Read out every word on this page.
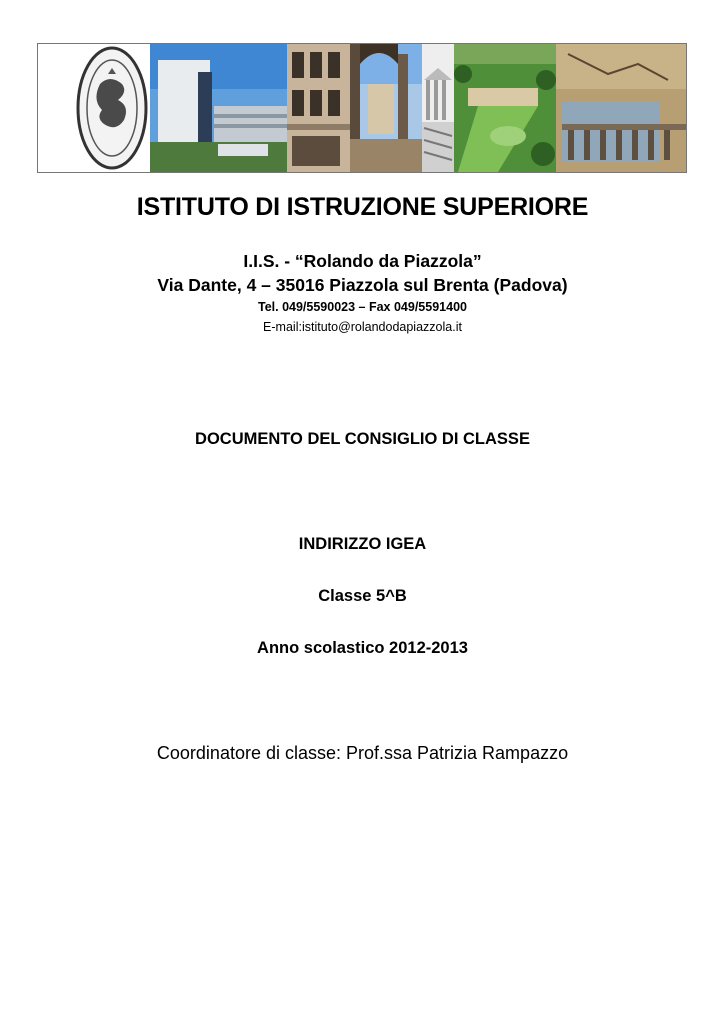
ISTITUTO DI ISTRUZIONE SUPERIORE
I.I.S. - “Rolando da Piazzola”
Via Dante, 4 – 35016 Piazzola sul Brenta (Padova)
Tel. 049/5590023 – Fax 049/5591400
E-mail:istituto@rolandodapiazzola.it
DOCUMENTO DEL CONSIGLIO DI CLASSE
INDIRIZZO IGEA
Classe 5^B
Anno scolastico 2012-2013
Coordinatore di classe: Prof.ssa Patrizia Rampazzo
